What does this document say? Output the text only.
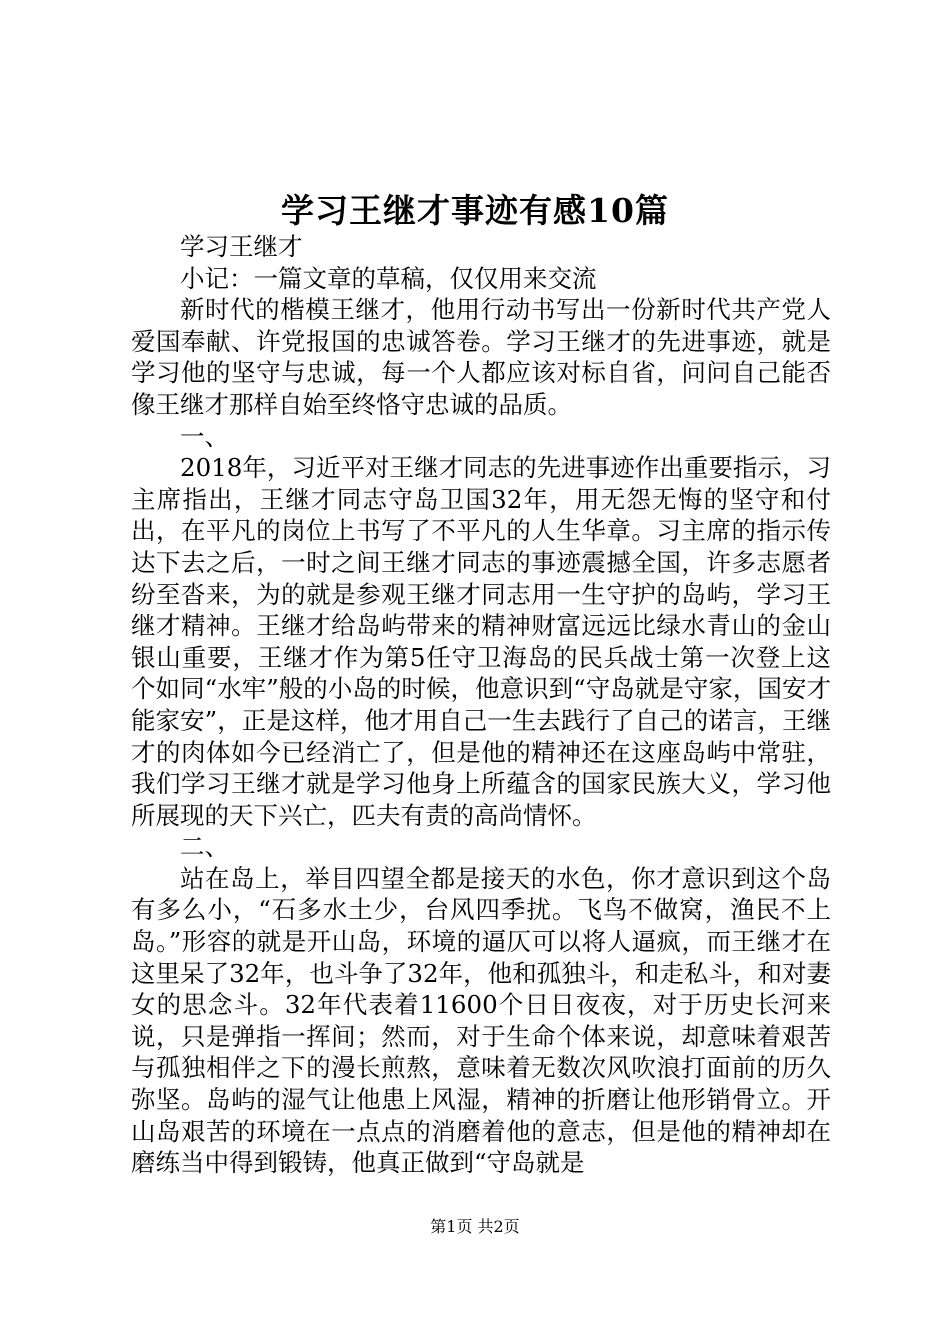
学习王继才事迹有感10篇

学习王继才

小记：一篇文章的草稿，仅仅用来交流

新时代的楷模王继才，他用行动书写出一份新时代共产党人爱国奉献、许党报国的忠诚答卷。学习王继才的先进事迹，就是学习他的坚守与忠诚，每一个人都应该对标自省，问问自己能否像王继才那样自始至终恪守忠诚的品质。

一、

2018年，习近平对王继才同志的先进事迹作出重要指示，习主席指出，王继才同志守岛卫国32年，用无怨无悔的坚守和付出，在平凡的岗位上书写了不平凡的人生华章。习主席的指示传达下去之后，一时之间王继才同志的事迹震撼全国，许多志愿者纷至沓来，为的就是参观王继才同志用一生守护的岛屿，学习王继才精神。王继才给岛屿带来的精神财富远远比绿水青山的金山银山重要，王继才作为第5任守卫海岛的民兵战士第一次登上这个如同“水牢”般的小岛的时候，他意识到“守岛就是守家，国安才能家安”，正是这样，他才用自己一生去践行了自己的诺言，王继才的肉体如今已经消亡了，但是他的精神还在这座岛屿中常驻，我们学习王继才就是学习他身上所蕴含的国家民族大义，学习他所展现的天下兴亡，匹夫有责的高尚情怀。

二、

站在岛上，举目四望全都是接天的水色，你才意识到这个岛有多么小，“石多水土少，台风四季扰。飞鸟不做窝，渔民不上岛。”形容的就是开山岛，环境的逼仄可以将人逼疯，而王继才在这里呆了32年，也斗争了32年，他和孤独斗，和走私斗，和对妻女的思念斗。32年代表着11600个日日夜夜，对于历史长河来说，只是弹指一挥间；然而，对于生命个体来说，却意味着艰苦与孤独相伴之下的漫长煎熬，意味着无数次风吹浪打面前的历久弥坚。岛屿的湿气让他患上风湿，精神的折磨让他形销骨立。开山岛艰苦的环境在一点点的消磨着他的意志，但是他的精神却在磨练当中得到锻铸，他真正做到“守岛就是

第1页 共2页
